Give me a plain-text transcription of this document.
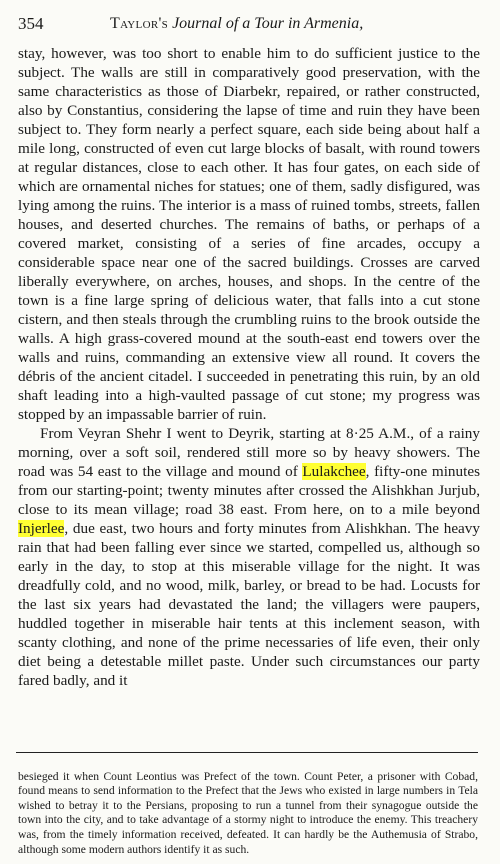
354	Taylor's Journal of a Tour in Armenia,

stay, however, was too short to enable him to do sufficient justice to the subject. The walls are still in comparatively good preservation, with the same characteristics as those of Diarbekr, repaired, or rather constructed, also by Constantius, considering the lapse of time and ruin they have been subject to. They form nearly a perfect square, each side being about half a mile long, constructed of even cut large blocks of basalt, with round towers at regular distances, close to each other. It has four gates, on each side of which are ornamental niches for statues; one of them, sadly disfigured, was lying among the ruins. The interior is a mass of ruined tombs, streets, fallen houses, and deserted churches. The remains of baths, or perhaps of a covered market, consisting of a series of fine arcades, occupy a considerable space near one of the sacred buildings. Crosses are carved liberally everywhere, on arches, houses, and shops. In the centre of the town is a fine large spring of delicious water, that falls into a cut stone cistern, and then steals through the crumbling ruins to the brook outside the walls. A high grass-covered mound at the south-east end towers over the walls and ruins, commanding an extensive view all round. It covers the débris of the ancient citadel. I succeeded in penetrating this ruin, by an old shaft leading into a high-vaulted passage of cut stone; my progress was stopped by an impassable barrier of ruin.

From Veyran Shehr I went to Deyrik, starting at 8·25 A.M., of a rainy morning, over a soft soil, rendered still more so by heavy showers. The road was 54 east to the village and mound of Lulakchee, fifty-one minutes from our starting-point; twenty minutes after crossed the Alishkhan Jurjub, close to its mean village; road 38 east. From here, on to a mile beyond Injerlee, due east, two hours and forty minutes from Alishkhan. The heavy rain that had been falling ever since we started, compelled us, although so early in the day, to stop at this miserable village for the night. It was dreadfully cold, and no wood, milk, barley, or bread to be had. Locusts for the last six years had devastated the land; the villagers were paupers, huddled together in miserable hair tents at this inclement season, with scanty clothing, and none of the prime necessaries of life even, their only diet being a detestable millet paste. Under such circumstances our party fared badly, and it

besieged it when Count Leontius was Prefect of the town. Count Peter, a prisoner with Cobad, found means to send information to the Prefect that the Jews who existed in large numbers in Tela wished to betray it to the Persians, proposing to run a tunnel from their synagogue outside the town into the city, and to take advantage of a stormy night to introduce the enemy. This treachery was, from the timely information received, defeated. It can hardly be the Authemusia of Strabo, although some modern authors identify it as such.
